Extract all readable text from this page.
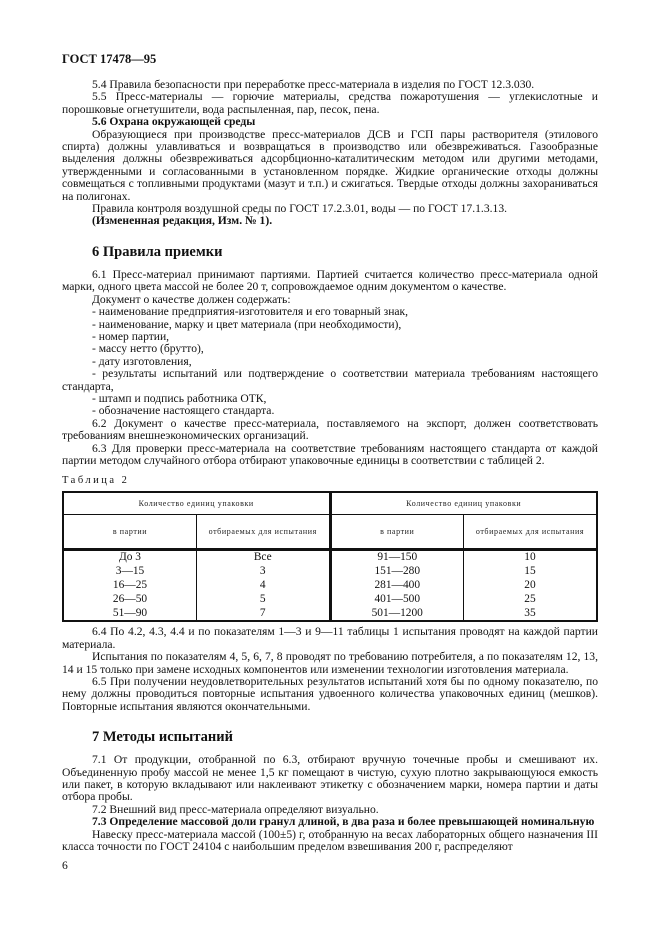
ГОСТ 17478—95

5.4 Правила безопасности при переработке пресс-материала в изделия по ГОСТ 12.3.030.

5.5 Пресс-материалы — горючие материалы, средства пожаротушения — углекислотные и порошковые огнетушители, вода распыленная, пар, песок, пена.

5.6 Охрана окружающей среды

Образующиеся при производстве пресс-материалов ДСВ и ГСП пары растворителя (этилового спирта) должны улавливаться и возвращаться в производство или обезвреживаться. Газообразные выделения должны обезвреживаться адсорбционно-каталитическим методом или другими методами, утвержденными и согласованными в установленном порядке. Жидкие органические отходы должны совмещаться с топливными продуктами (мазут и т.п.) и сжигаться. Твердые отходы должны захораниваться на полигонах.

Правила контроля воздушной среды по ГОСТ 17.2.3.01, воды — по ГОСТ 17.1.3.13.

(Измененная редакция, Изм. № 1).

6 Правила приемки

6.1 Пресс-материал принимают партиями. Партией считается количество пресс-материала одной марки, одного цвета массой не более 20 т, сопровождаемое одним документом о качестве.

Документ о качестве должен содержать:

- наименование предприятия-изготовителя и его товарный знак,

- наименование, марку и цвет материала (при необходимости),

- номер партии,

- массу нетто (брутто),

- дату изготовления,

- результаты испытаний или подтверждение о соответствии материала требованиям настоящего стандарта,

- штамп и подпись работника ОТК,

- обозначение настоящего стандарта.

6.2 Документ о качестве пресс-материала, поставляемого на экспорт, должен соответствовать требованиям внешнеэкономических организаций.

6.3 Для проверки пресс-материала на соответствие требованиям настоящего стандарта от каждой партии методом случайного отбора отбирают упаковочные единицы в соответствии с таблицей 2.

Таблица 2
Количество единиц упаковки		Количество единиц упаковки	
в партии	отбираемых для испытания	в партии	отбираемых для испытания
До 3	Все	91—150	10
3—15	3	151—280	15
16—25	4	281—400	20
26—50	5	401—500	25
51—90	7	501—1200	35

6.4 По 4.2, 4.3, 4.4 и по показателям 1—3 и 9—11 таблицы 1 испытания проводят на каждой партии материала.

Испытания по показателям 4, 5, 6, 7, 8 проводят по требованию потребителя, а по показателям 12, 13, 14 и 15 только при замене исходных компонентов или изменении технологии изготовления материала.

6.5 При получении неудовлетворительных результатов испытаний хотя бы по одному показателю, по нему должны проводиться повторные испытания удвоенного количества упаковочных единиц (мешков). Повторные испытания являются окончательными.

7 Методы испытаний

7.1 От продукции, отобранной по 6.3, отбирают вручную точечные пробы и смешивают их. Объединенную пробу массой не менее 1,5 кг помещают в чистую, сухую плотно закрывающуюся емкость или пакет, в которую вкладывают или наклеивают этикетку с обозначением марки, номера партии и даты отбора пробы.

7.2 Внешний вид пресс-материала определяют визуально.

7.3 Определение массовой доли гранул длиной, в два раза и более превышающей номинальную

Навеску пресс-материала массой (100±5) г, отобранную на весах лабораторных общего назначения III класса точности по ГОСТ 24104 с наибольшим пределом взвешивания 200 г, распределяют

6
